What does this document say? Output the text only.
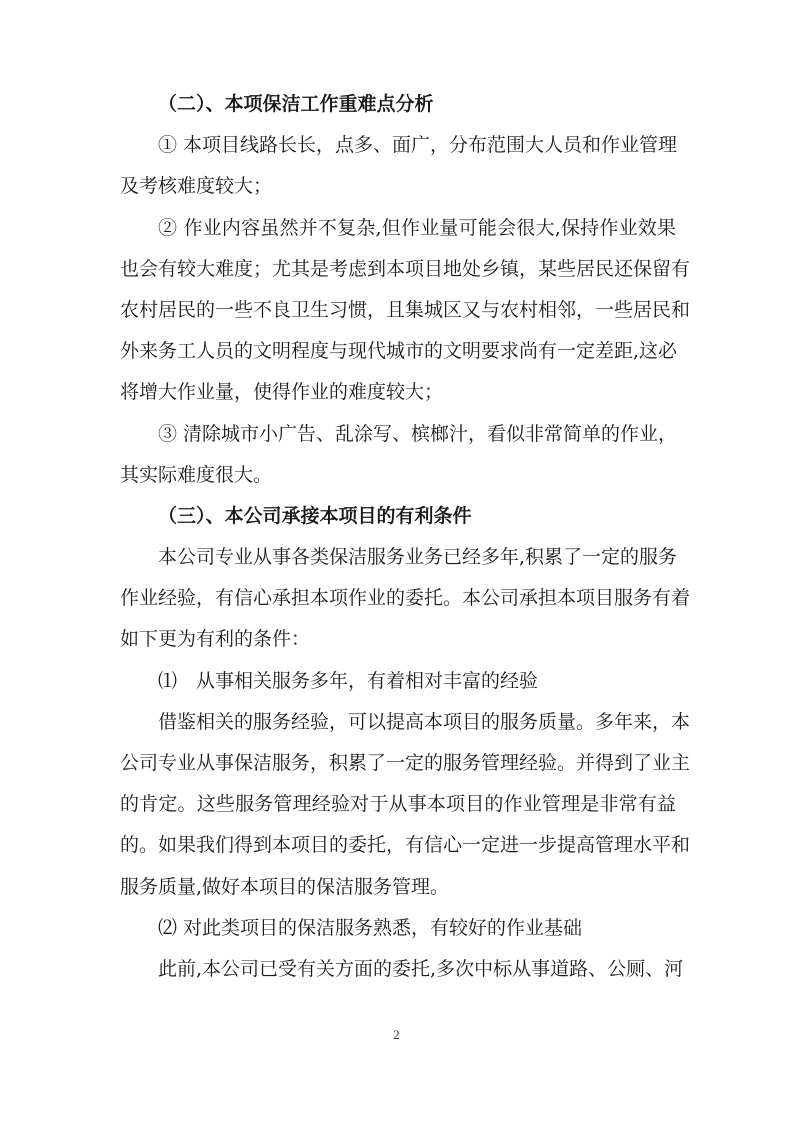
（二）、本项保洁工作重难点分析
① 本项目线路长长，点多、面广，分布范围大人员和作业管理
及考核难度较大；
② 作业内容虽然并不复杂,但作业量可能会很大,保持作业效果
也会有较大难度；尤其是考虑到本项目地处乡镇，某些居民还保留有
农村居民的一些不良卫生习惯，且集城区又与农村相邻，一些居民和
外来务工人员的文明程度与现代城市的文明要求尚有一定差距,这必
将增大作业量，使得作业的难度较大；
③ 清除城市小广告、乱涂写、槟榔汁，看似非常简单的作业，
其实际难度很大。
（三）、本公司承接本项目的有利条件
本公司专业从事各类保洁服务业务已经多年,积累了一定的服务
作业经验，有信心承担本项作业的委托。本公司承担本项目服务有着
如下更为有利的条件：
⑴　从事相关服务多年，有着相对丰富的经验
借鉴相关的服务经验，可以提高本项目的服务质量。多年来，本
公司专业从事保洁服务，积累了一定的服务管理经验。并得到了业主
的肯定。这些服务管理经验对于从事本项目的作业管理是非常有益
的。如果我们得到本项目的委托，有信心一定进一步提高管理水平和
服务质量,做好本项目的保洁服务管理。
⑵ 对此类项目的保洁服务熟悉，有较好的作业基础
此前,本公司已受有关方面的委托,多次中标从事道路、公厕、河
2
